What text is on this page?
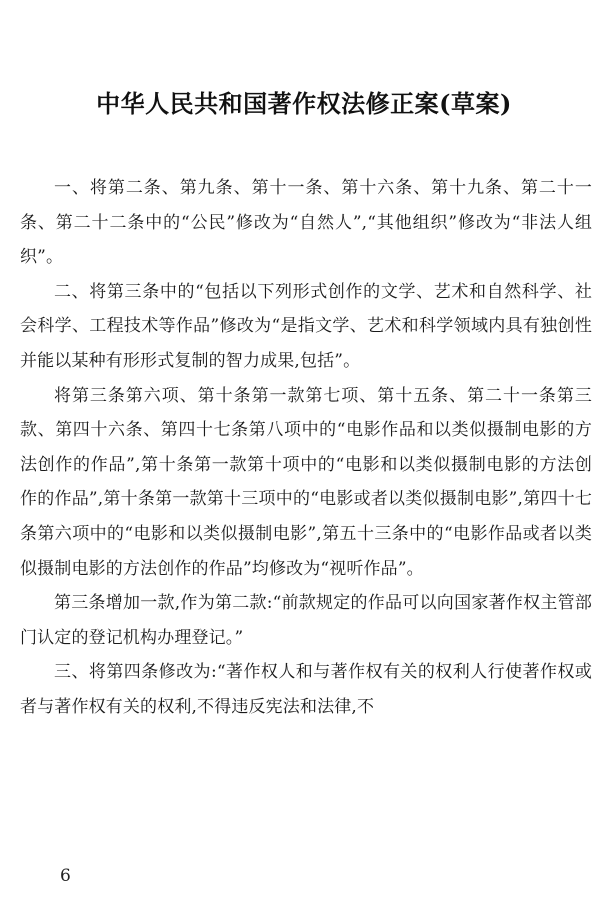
中华人民共和国著作权法修正案(草案)

一、将第二条、第九条、第十一条、第十六条、第十九条、第二十一条、第二十二条中的“公民”修改为“自然人”,“其他组织”修改为“非法人组织”。

二、将第三条中的“包括以下列形式创作的文学、艺术和自然科学、社会科学、工程技术等作品”修改为“是指文学、艺术和科学领域内具有独创性并能以某种有形形式复制的智力成果,包括”。

将第三条第六项、第十条第一款第七项、第十五条、第二十一条第三款、第四十六条、第四十七条第八项中的“电影作品和以类似摄制电影的方法创作的作品”,第十条第一款第十项中的“电影和以类似摄制电影的方法创作的作品”,第十条第一款第十三项中的“电影或者以类似摄制电影”,第四十七条第六项中的“电影和以类似摄制电影”,第五十三条中的“电影作品或者以类似摄制电影的方法创作的作品”均修改为“视听作品”。

第三条增加一款,作为第二款:“前款规定的作品可以向国家著作权主管部门认定的登记机构办理登记。”

三、将第四条修改为:“著作权人和与著作权有关的权利人行使著作权或者与著作权有关的权利,不得违反宪法和法律,不

6
